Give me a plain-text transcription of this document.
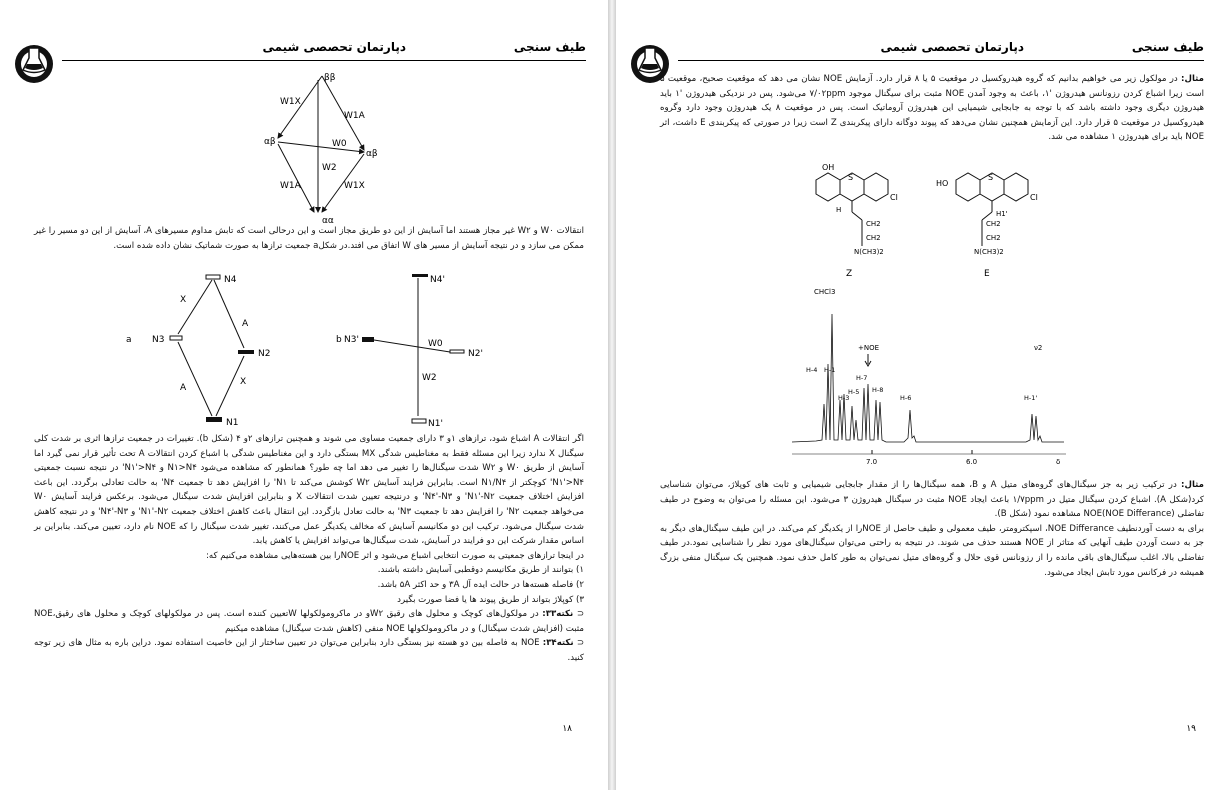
طیف سنجی
دپارتمان تحصصی شیمی
ββ
αβ
αβ
αα
W1X
W1A
W0
W2
W1A	W1X

انتقالات W۰ و W۲ غیر مجاز هستند اما آسایش از این دو طریق مجاز است و این درحالی است که تابش مداوم مسیرهای A، آسایش از این دو مسیر را غیر ممکن می سازد و در نتیجه آسایش از مسیر های W اتفاق می افتد.در شکلa جمعیت ترازها به صورت شماتیک نشان داده شده است.

a
N4
N3
N2
N1
X
A
A
X
b
N4'
N3'
N2'
N1'
W0
W2

اگر انتقالات A اشباع شود، ترازهای ۱و ۳ دارای جمعیت مساوی می شوند و همچنین ترازهای ۲و ۴ (شکل b). تغییرات در جمعیت ترازها اثری بر شدت کلی سیگنال X ندارد زیرا این مسئله فقط به مغناطیس شدگی MX بستگی دارد و این مغناطیس شدگی با اشباع کردن انتقالات A تحت تأثیر قرار نمی گیرد اما آسایش از طریق W۰ و W۲ شدت سیگنال‌ها را تغییر می دهد اما چه طور؟ همانطور که مشاهده می‌شود N۱>N۴ و N۱'>N۴' در نتیجه نسبت جمعیتی N۱'>N۴' کوچکتر از N۱/N۴ است. بنابراین فرایند آسایش W۲ کوشش می‌کند تا N۱' را افزایش دهد تا جمعیت N۴' به حالت تعادلی برگردد. این باعث افزایش اختلاف جمعیت N۱'-N۲' و N۴'-N۳' و درنتیجه تعیین شدت انتقالات X و بنابراین افزایش شدت سیگنال می‌شود. برعکس فرایند آسایش W۰ می‌خواهد جمعیت N۲' را افزایش دهد تا جمعیت N۳' به حالت تعادل بازگردد. این انتقال باعث کاهش اختلاف جمعیت N۱'-N۲' و N۴'-N۳' و در نتیجه کاهش شدت سیگنال می‌شود. ترکیب این دو مکانیسم آسایش که مخالف یکدیگر عمل می‌کنند، تغییر شدت سیگنال را که NOE نام دارد، تعیین می‌کند. بنابراین بر اساس مقدار شرکت این دو فرایند در آسایش، شدت سیگنال‌ها می‌تواند افزایش یا کاهش یابد.

در اینجا ترازهای جمعیتی به صورت انتخابی اشباع می‌شود و اثر NOEرا بین هسته‌هایی مشاهده می‌کنیم که:

۱) بتوانند از طریق مکانیسم دوقطبی آسایش داشته باشند.

۲) فاصله هسته‌ها در حالت ایده آل ۳A و حد اکثر ۵A باشد.

۳) کوپلاژ بتواند از طریق پیوند ها یا فضا صورت بگیرد

⊂ نکته۳۳: در مولکول‌های کوچک و محلول های رقیق W۲و در ماکرومولکولها Wتعیین کننده است. پس در مولکولهای کوچک و محلول های رقیق،NOE مثبت (افزایش شدت سیگنال) و در ماکرومولکولها NOE منفی (کاهش شدت سیگنال) مشاهده میکنیم

⊂ نکته۳۴: NOE به فاصله بین دو هسته نیز بستگی دارد بنابراین می‌توان در تعیین ساختار از این خاصیت استفاده نمود. دراین باره به مثال های زیر توجه کنید.

۱۸
طیف سنجی
دپارتمان تحصصی شیمی

مثال: در مولکول زیر می خواهیم بدانیم که گروه هیدروکسیل در موقعیت ۵ یا ۸ قرار دارد. آزمایش NOE نشان می دهد که موقعیت صحیح، موقعیت ۵ است زیرا اشباع کردن رزونانس هیدروژن '۱، باعث به وجود آمدن NOE مثبت برای سیگنال موجود ۷/۰۲ppm می‌شود. پس در نزدیکی هیدروژن '۱ باید هیدروژن دیگری وجود داشته باشد که با توجه به جابجایی شیمیایی این هیدروژن آروماتیک است. پس در موقعیت ۸ یک هیدروژن وجود دارد وگروه هیدروکسیل در موقعیت ۵ قرار دارد. این آزمایش همچنین نشان می‌دهد که پیوند دوگانه دارای پیکربندی Z است زیرا در صورتی که پیکربندی E داشت، اثر NOE باید برای هیدروژن ۱ مشاهده می شد.

OH
S
Cl
H
CH2
CH2
N(CH3)2
HO
S
Cl
H1'
CH2
CH2
N(CH3)2
Z	E
CHCl3
+NOE	ν2
H-4 H-1
H-3
H-7
H-5 H-8
H-6	H-1'
7.0	6.0	δ

مثال: در ترکیب زیر به جز سیگنال‌های گروه‌های متیل A و B، همه سیگنال‌ها را از مقدار جابجایی شیمیایی و ثابت های کوپلاژ، می‌توان شناسایی کرد(شکل A). اشباع کردن سیگنال متیل در ۱/۷ppm باعث ایجاد NOE مثبت در سیگنال هیدروژن ۳ می‌شود. این مسئله را می‌توان به وضوح در طیف تفاضلی NOE(NOE Differance) مشاهده نمود (شکل B).

برای به دست آوردنطیف NOE Differance، اسپکترومتر، طیف معمولی و طیف حاصل از NOEرا از یکدیگر کم می‌کند. در این طیف سیگنال‌های دیگر به جز به دست آوردن طیف آنهایی که متاثر از NOE هستند حذف می شوند. در نتیجه به راحتی می‌توان سیگنال‌های مورد نظر را شناسایی نمود.در طیف تفاضلی بالا، اغلب سیگنال‌های باقی مانده را از رزونانس قوی حلال و گروه‌های متیل نمی‌توان به طور کامل حذف نمود. همچنین یک سیگنال منفی بزرگ همیشه در فرکانس مورد تابش ایجاد می‌شود.

۱۹
